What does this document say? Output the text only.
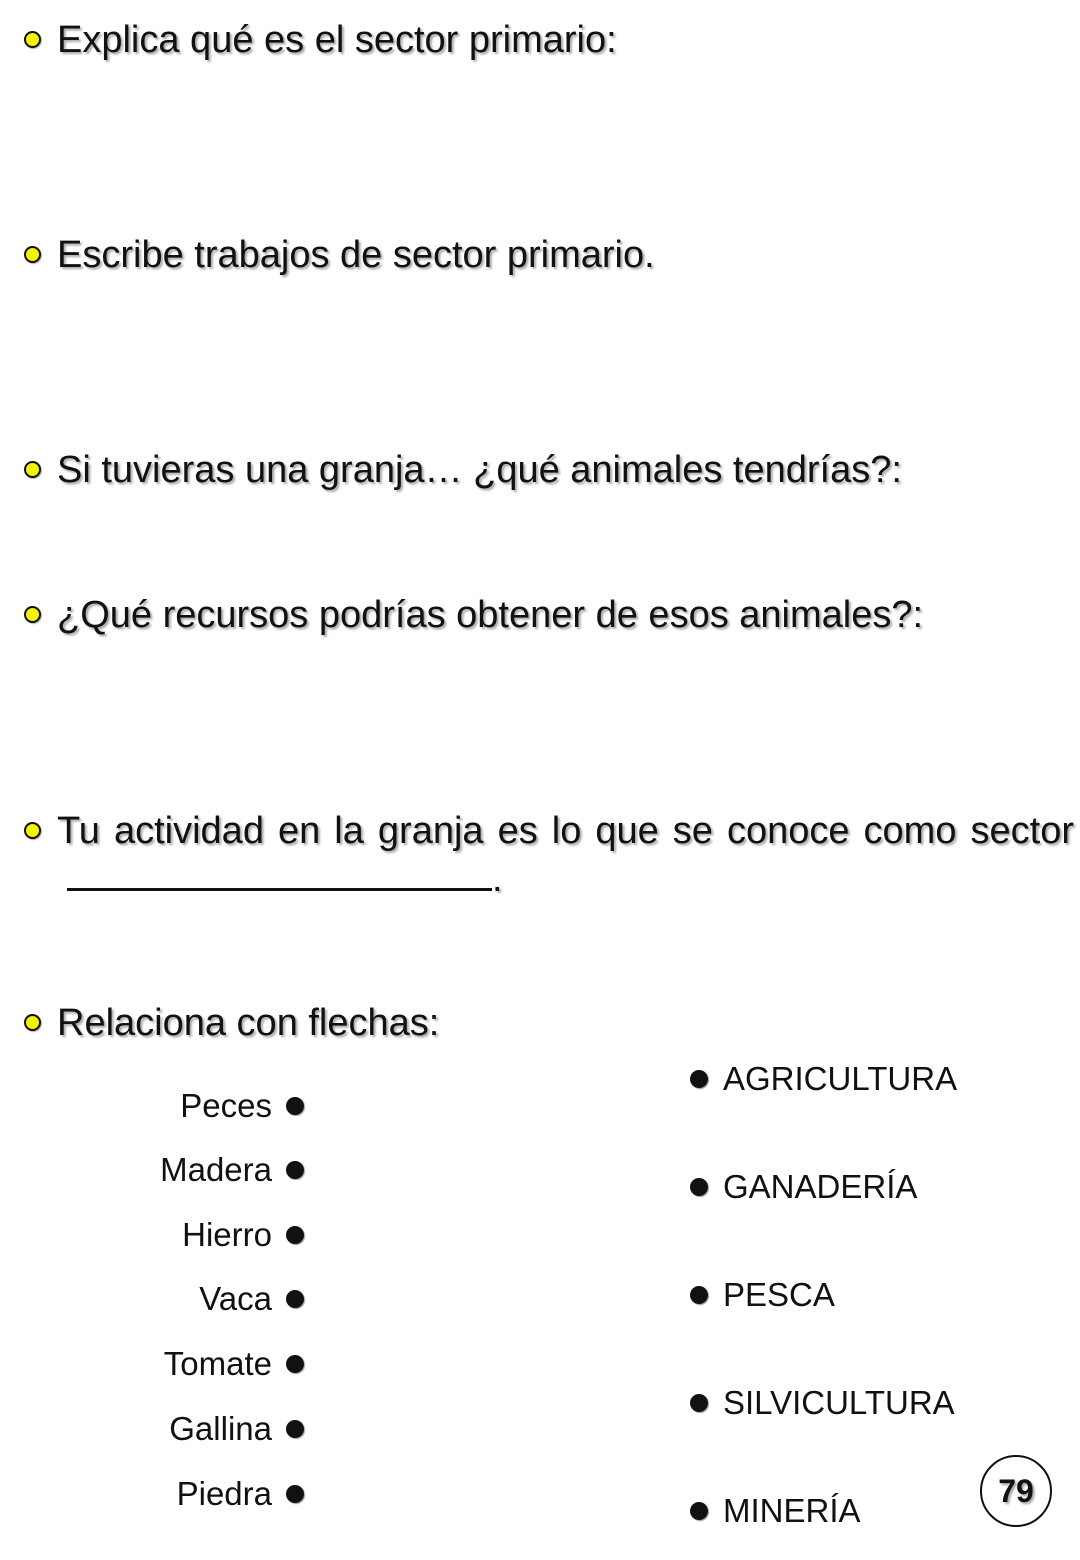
Explica qué es el sector primario:
Escribe trabajos de sector primario.
Si tuvieras una granja… ¿qué animales tendrías?:
¿Qué recursos podrías obtener de esos animales?:
Tu actividad en la granja es lo que se conoce como sector.
Relaciona con flechas:
Peces
Madera
Hierro
Vaca
Tomate
Gallina
Piedra
AGRICULTURA
GANADERÍA
PESCA
SILVICULTURA
MINERÍA
79
